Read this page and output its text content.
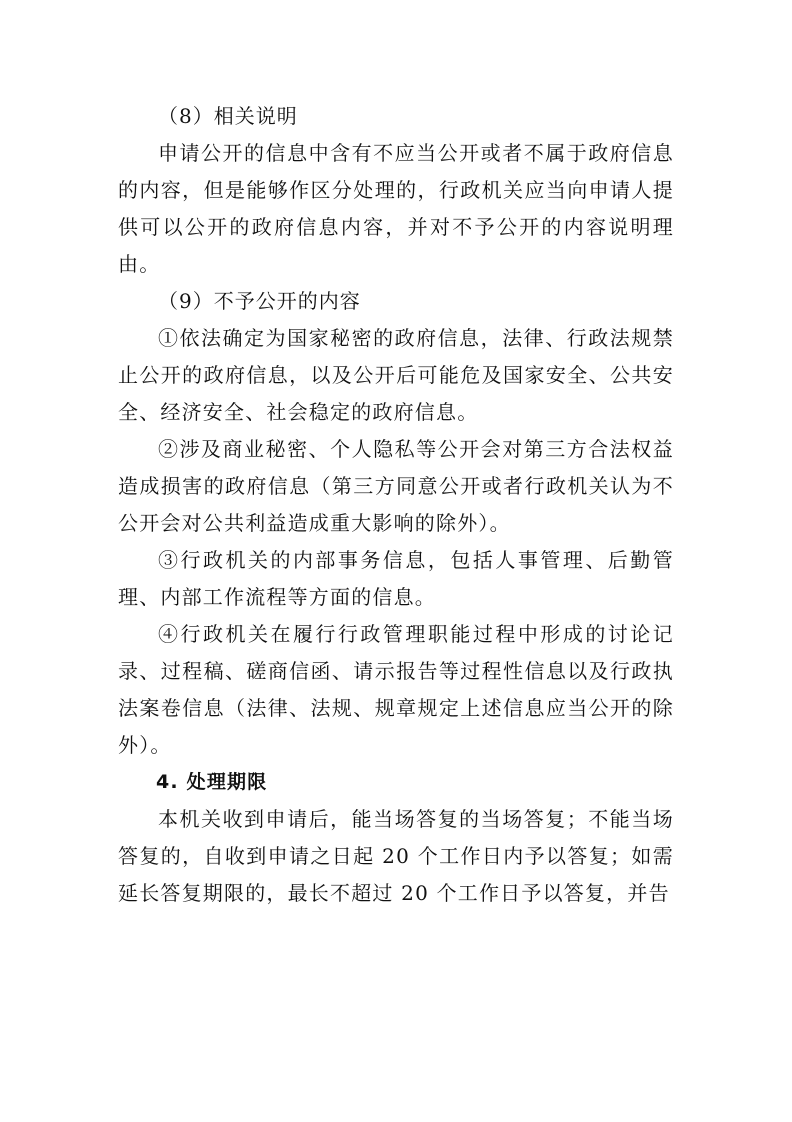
（8）相关说明

申请公开的信息中含有不应当公开或者不属于政府信息的内容，但是能够作区分处理的，行政机关应当向申请人提供可以公开的政府信息内容，并对不予公开的内容说明理由。

（9）不予公开的内容

①依法确定为国家秘密的政府信息，法律、行政法规禁止公开的政府信息，以及公开后可能危及国家安全、公共安全、经济安全、社会稳定的政府信息。

②涉及商业秘密、个人隐私等公开会对第三方合法权益造成损害的政府信息（第三方同意公开或者行政机关认为不公开会对公共利益造成重大影响的除外）。

③行政机关的内部事务信息，包括人事管理、后勤管理、内部工作流程等方面的信息。

④行政机关在履行行政管理职能过程中形成的讨论记录、过程稿、磋商信函、请示报告等过程性信息以及行政执法案卷信息（法律、法规、规章规定上述信息应当公开的除外）。

4. 处理期限

本机关收到申请后，能当场答复的当场答复；不能当场答复的，自收到申请之日起 20 个工作日内予以答复；如需延长答复期限的，最长不超过 20 个工作日予以答复，并告
